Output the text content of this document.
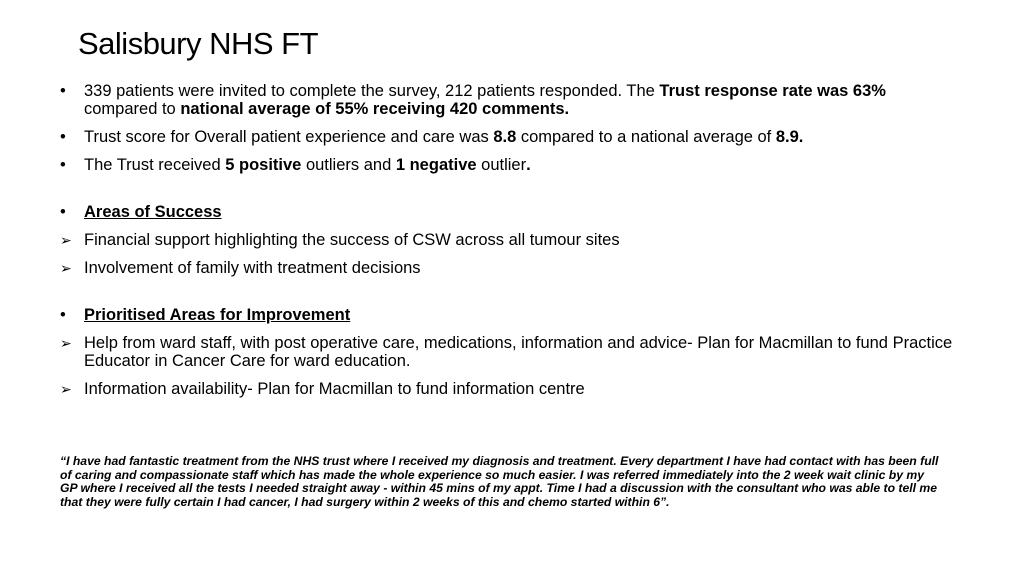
Salisbury NHS FT
•	339 patients were invited to complete the survey, 212 patients responded. The Trust response rate was 63% compared to national average of 55% receiving 420 comments.
•	Trust score for Overall patient experience and care was 8.8 compared to a national average of 8.9.
•	The Trust received 5 positive outliers and 1 negative outlier.
•	Areas of Success
➢ Financial support highlighting the success of CSW across all tumour sites
➢ Involvement of family with treatment decisions
•	Prioritised Areas for Improvement
➢ Help from ward staff, with post operative care, medications, information and advice- Plan for Macmillan to fund Practice Educator in Cancer Care for ward education.
➢ Information availability- Plan for Macmillan to fund information centre
“I have had fantastic treatment from the NHS trust where I received my diagnosis and treatment. Every department I have had contact with has been full of caring and compassionate staff which has made the whole experience so much easier. I was referred immediately into the 2 week wait clinic by my GP where I received all the tests I needed straight away - within 45 mins of my appt. Time I had a discussion with the consultant who was able to tell me that they were fully certain I had cancer, I had surgery within 2 weeks of this and chemo started within 6”.
